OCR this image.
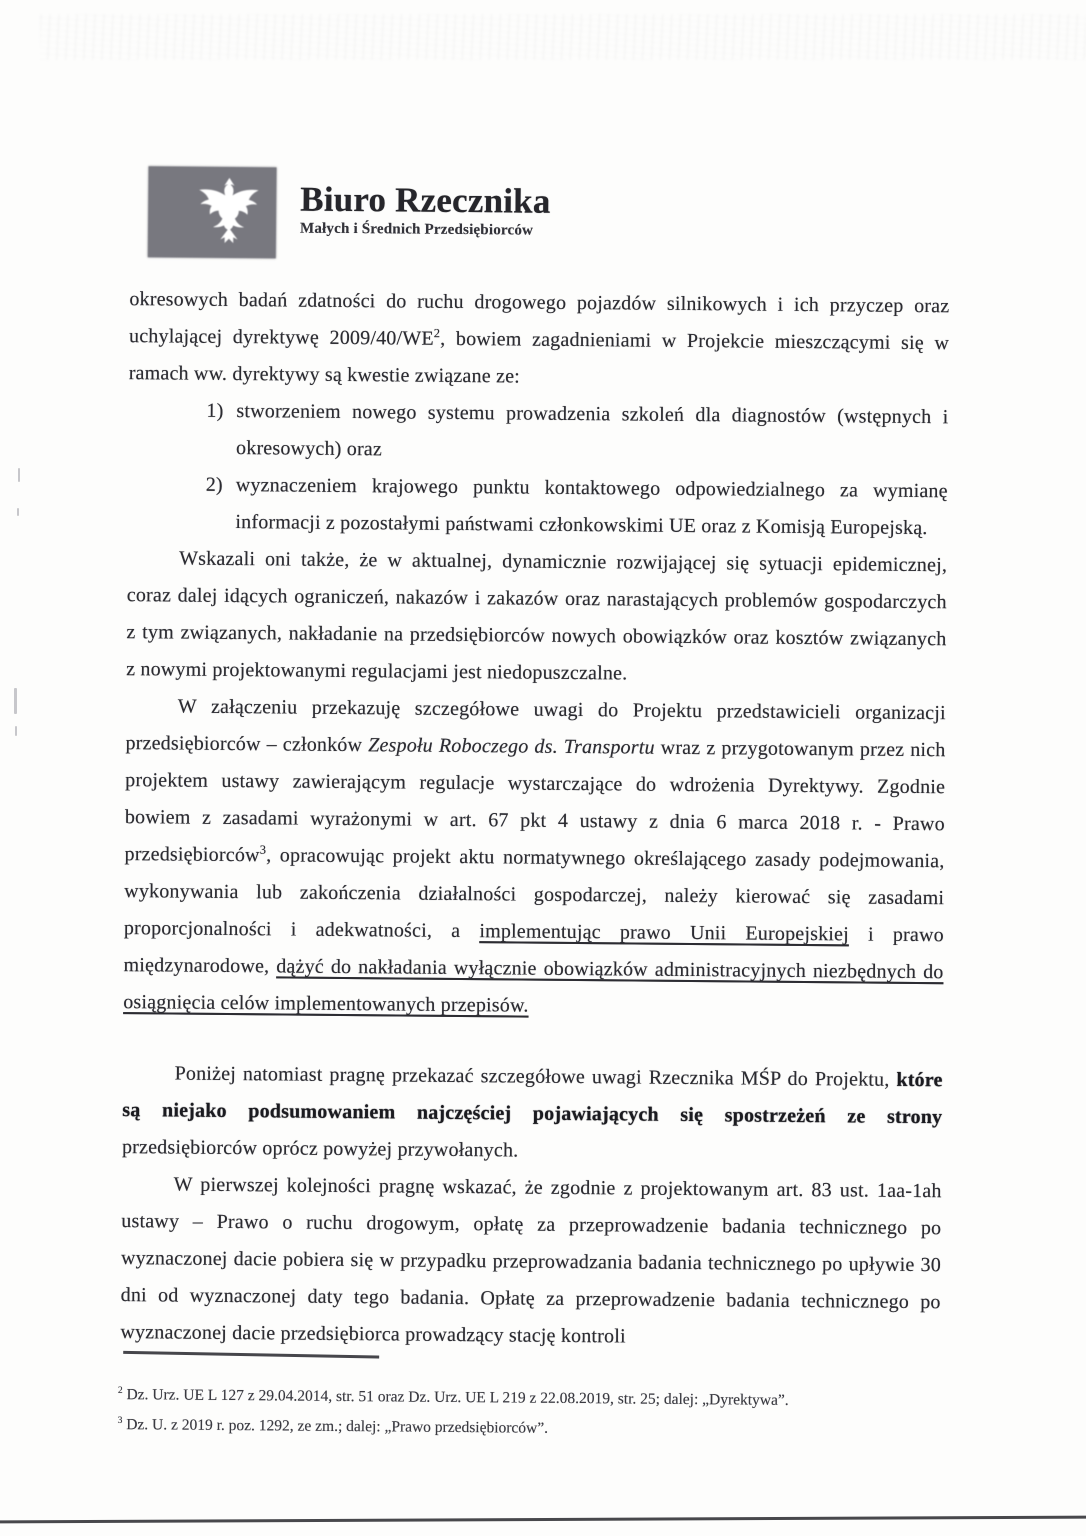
Biuro Rzecznika
Małych i Średnich Przedsiębiorców

okresowych badań zdatności do ruchu drogowego pojazdów silnikowych i ich przyczep oraz uchylającej dyrektywę $2009/40/WE^2$, bowiem zagadnieniami w Projekcie mieszczącymi się w ramach ww. dyrektywy są kwestie związane ze:

1) stworzeniem nowego systemu prowadzenia szkoleń dla diagnostów (wstępnych i okresowych) oraz
2) wyznaczeniem krajowego punktu kontaktowego odpowiedzialnego za wymianę informacji z pozostałymi państwami członkowskimi UE oraz z Komisją Europejską.

Wskazali oni także, że w aktualnej, dynamicznie rozwijającej się sytuacji epidemicznej, coraz dalej idących ograniczeń, nakazów i zakazów oraz narastających problemów gospodarczych z tym związanych, nakładanie na przedsiębiorców nowych obowiązków oraz kosztów związanych z nowymi projektowanymi regulacjami jest niedopuszczalne.

W załączeniu przekazuję szczegółowe uwagi do Projektu przedstawicieli organizacji przedsiębiorców – członków Zespołu Roboczego ds. Transportu wraz z przygotowanym przez nich projektem ustawy zawierającym regulacje wystarczające do wdrożenia Dyrektywy. Zgodnie bowiem z zasadami wyrażonymi w art. 67 pkt 4 ustawy z dnia 6 marca 2018 r. - Prawo przedsiębiorców$^3$, opracowując projekt aktu normatywnego określającego zasady podejmowania, wykonywania lub zakończenia działalności gospodarczej, należy kierować się zasadami proporcjonalności i adekwatności, a implementując prawo Unii Europejskiej i prawo międzynarodowe, dążyć do nakładania wyłącznie obowiązków administracyjnych niezbędnych do osiągnięcia celów implementowanych przepisów.

Poniżej natomiast pragnę przekazać szczegółowe uwagi Rzecznika MŚP do Projektu, które są niejako podsumowaniem najczęściej pojawiających się spostrzeżeń ze strony przedsiębiorców oprócz powyżej przywołanych.

W pierwszej kolejności pragnę wskazać, że zgodnie z projektowanym art. 83 ust. 1aa-1ah ustawy – Prawo o ruchu drogowym, opłatę za przeprowadzenie badania technicznego po wyznaczonej dacie pobiera się w przypadku przeprowadzania badania technicznego po upływie 30 dni od wyznaczonej daty tego badania. Opłatę za przeprowadzenie badania technicznego po wyznaczonej dacie przedsiębiorca prowadzący stację kontroli

$^2$ Dz. Urz. UE L 127 z 29.04.2014, str. 51 oraz Dz. Urz. UE L 219 z 22.08.2019, str. 25; dalej: „Dyrektywa”.

$^3$ Dz. U. z 2019 r. poz. 1292, ze zm.; dalej: „Prawo przedsiębiorców”.
